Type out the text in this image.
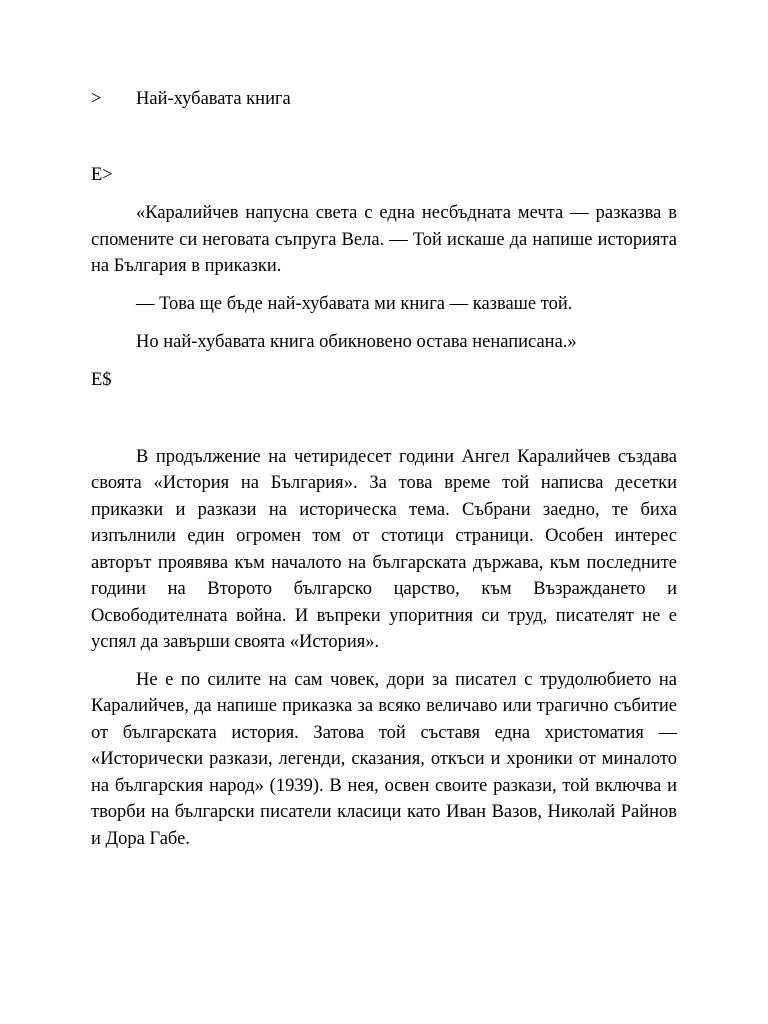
>	Най-хубавата книга
E>

«Каралийчев напусна света с една несбъдната мечта — разказва в спомените си неговата съпруга Вела. — Той искаше да напише историята на България в приказки.

— Това ще бъде най-хубавата ми книга — казваше той.

Но най-хубавата книга обикновено остава ненаписана.»

E$

В продължение на четиридесет години Ангел Каралийчев създава своята «История на България». За това време той написва десетки приказки и разкази на историческа тема. Събрани заедно, те биха изпълнили един огромен том от стотици страници. Особен интерес авторът проявява към началото на българската държава, към последните години на Второто българско царство, към Възраждането и Освободителната война. И въпреки упоритния си труд, писателят не е успял да завърши своята «История».

Не е по силите на сам човек, дори за писател с трудолюбието на Каралийчев, да напише приказка за всяко величаво или трагично събитие от българската история. Затова той съставя една христоматия — «Исторически разкази, легенди, сказания, откъси и хроники от миналото на българския народ» (1939). В нея, освен своите разкази, той включва и творби на български писатели класици като Иван Вазов, Николай Райнов и Дора Габе.
